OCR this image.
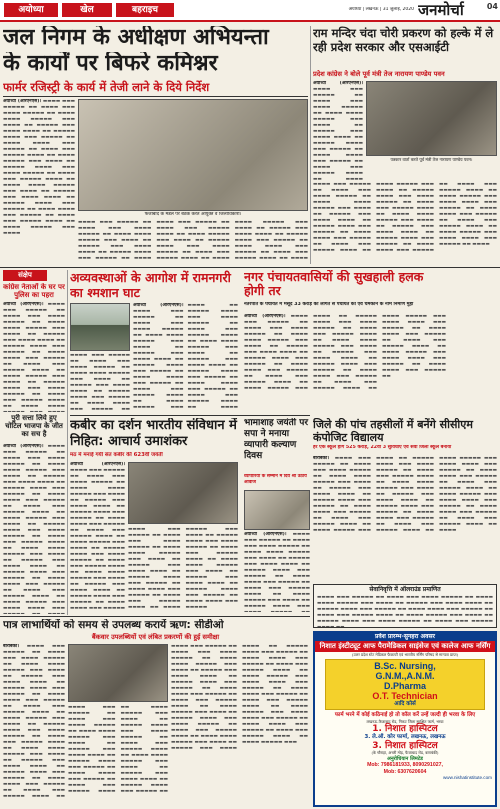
अयोध्या	खेल	बहराइच	अयोध्या | लखनऊ | 31 जुलाई, 2020 जनमोर्चा	04
जल निगम के अधीक्षण अभियन्ता
के कार्यों पर बिफरे कमिश्नर
फार्मर रजिस्ट्री के कार्य में तेजी लाने के दिये निर्देश
अयोध्या (आरएनएस)। ▬▬▬▬ ▬▬▬ ▬▬▬▬▬ ▬▬ ▬▬▬▬ ▬▬▬ ▬▬▬▬ ▬▬▬▬▬ ▬▬ ▬▬▬▬ ▬▬▬▬ ▬▬▬▬▬ ▬▬▬ ▬▬▬▬ ▬▬ ▬▬▬▬▬ ▬▬▬ ▬▬▬▬ ▬▬▬▬ ▬▬ ▬▬▬▬▬ ▬▬▬▬ ▬▬▬ ▬▬▬▬▬ ▬▬ ▬▬▬▬ ▬▬▬▬ ▬▬▬ ▬▬▬▬▬ ▬▬ ▬▬▬▬ ▬▬▬ ▬▬▬▬▬ ▬▬▬▬ ▬▬ ▬▬▬▬ ▬▬▬▬▬ ▬▬▬ ▬▬▬▬ ▬▬ ▬▬▬▬▬ ▬▬▬▬ ▬▬▬ ▬▬▬▬ ▬▬▬▬▬ ▬▬ ▬▬▬▬ ▬▬▬ ▬▬▬▬▬ ▬▬▬▬ ▬▬ ▬▬▬▬ ▬▬▬▬ ▬▬▬▬▬ ▬▬▬ ▬▬▬▬ ▬▬ ▬▬▬▬▬ ▬▬▬ ▬▬▬▬ ▬▬▬▬ ▬▬ ▬▬▬▬▬ ▬▬▬▬ ▬▬▬ ▬▬▬▬▬ ▬▬ ▬▬▬▬ ▬▬▬▬ ▬▬▬ ▬▬▬▬▬ ▬▬ ▬▬▬▬ ▬▬▬ ▬▬▬▬▬ ▬▬▬▬ ▬▬ ▬▬▬▬ ▬▬▬▬▬ ▬▬▬ ▬▬▬▬
फैजाबाद के मंडल पर बैठक करते आयुक्त व जिलाधिकारी।
▬▬▬▬ ▬▬▬ ▬▬▬▬▬ ▬▬ ▬▬▬▬ ▬▬▬ ▬▬▬▬ ▬▬▬▬▬ ▬▬ ▬▬▬▬ ▬▬▬▬ ▬▬▬▬▬ ▬▬▬ ▬▬▬▬ ▬▬ ▬▬▬▬▬ ▬▬▬ ▬▬▬▬ ▬▬▬▬ ▬▬ ▬▬▬▬▬ ▬▬▬▬ ▬▬▬ ▬▬▬▬▬ ▬▬ ▬▬▬▬ ▬▬▬▬ ▬▬▬ ▬▬▬▬▬ ▬▬ ▬▬▬▬ ▬▬▬ ▬▬▬▬▬ ▬▬▬▬ ▬▬ ▬▬▬▬ ▬▬▬▬▬ ▬▬▬ ▬▬▬▬ ▬▬ ▬▬▬▬▬ ▬▬▬▬ ▬▬▬ ▬▬▬▬ ▬▬▬▬▬ ▬▬ ▬▬▬▬ ▬▬▬ ▬▬▬▬▬ ▬▬▬▬ ▬▬ ▬▬▬▬ ▬▬▬▬ ▬▬▬▬▬ ▬▬▬ ▬▬▬▬ ▬▬ ▬▬▬▬▬ ▬▬▬ ▬▬▬▬ ▬▬▬▬ ▬▬ ▬▬▬▬▬ ▬▬▬▬ ▬▬▬ ▬▬▬▬▬ ▬▬ ▬▬▬▬ ▬▬▬▬ ▬▬▬ ▬▬▬▬▬ ▬▬ ▬▬▬▬ ▬▬▬ ▬▬▬▬▬ ▬▬▬▬ ▬▬ ▬▬▬▬
राम मन्दिर चंदा चोरी प्रकरण को हल्के में ले रही प्रदेश सरकार और एसआईटी
प्रदेश कांग्रेस ने बोले पूर्व मंत्री तेज नारायण पाण्डेय पवन
अयोध्या (आरएनएस)। ▬▬▬▬ ▬▬▬ ▬▬▬▬▬ ▬▬ ▬▬▬▬ ▬▬▬ ▬▬▬▬ ▬▬▬▬▬ ▬▬ ▬▬▬▬ ▬▬▬▬ ▬▬▬▬▬ ▬▬▬ ▬▬▬▬ ▬▬ ▬▬▬▬▬ ▬▬▬ ▬▬▬▬ ▬▬▬▬ ▬▬ ▬▬▬▬▬ ▬▬▬▬ ▬▬▬ ▬▬▬▬▬ ▬▬ ▬▬▬▬ ▬▬▬▬ ▬▬▬ ▬▬▬▬▬ ▬▬ ▬▬▬▬ ▬▬▬ ▬▬▬▬▬ ▬▬▬▬ ▬▬ ▬▬▬▬
पत्रकार वार्ता करते पूर्व मंत्री तेज नारायण पाण्डेय पवन।
▬▬▬▬ ▬▬▬ ▬▬▬▬▬ ▬▬ ▬▬▬▬ ▬▬▬ ▬▬▬▬ ▬▬▬▬▬ ▬▬ ▬▬▬▬ ▬▬▬▬ ▬▬▬▬▬ ▬▬▬ ▬▬▬▬ ▬▬ ▬▬▬▬▬ ▬▬▬ ▬▬▬▬ ▬▬▬▬ ▬▬ ▬▬▬▬▬ ▬▬▬▬ ▬▬▬ ▬▬▬▬▬ ▬▬ ▬▬▬▬ ▬▬▬▬ ▬▬▬ ▬▬▬▬▬ ▬▬ ▬▬▬▬ ▬▬▬ ▬▬▬▬▬ ▬▬▬▬ ▬▬ ▬▬▬▬ ▬▬▬▬▬ ▬▬▬ ▬▬▬▬ ▬▬ ▬▬▬▬▬ ▬▬▬▬ ▬▬▬ ▬▬▬▬ ▬▬▬▬▬ ▬▬ ▬▬▬▬ ▬▬▬ ▬▬▬▬▬ ▬▬▬▬ ▬▬ ▬▬▬▬ ▬▬▬▬ ▬▬▬▬▬ ▬▬▬ ▬▬▬▬ ▬▬ ▬▬▬▬▬ ▬▬▬ ▬▬▬▬ ▬▬▬▬ ▬▬ ▬▬▬▬▬ ▬▬▬▬ ▬▬▬ ▬▬▬▬▬ ▬▬ ▬▬▬▬ ▬▬▬▬ ▬▬▬ ▬▬▬▬▬ ▬▬ ▬▬▬▬ ▬▬▬ ▬▬▬▬▬ ▬▬▬▬ ▬▬ ▬▬▬▬ ▬▬▬▬▬ ▬▬▬ ▬▬▬▬ ▬▬▬▬ ▬▬▬ ▬▬▬▬▬ ▬▬ ▬▬▬▬ ▬▬▬▬ ▬▬▬ ▬▬▬▬▬ ▬▬ ▬▬▬▬ ▬▬▬ ▬▬▬▬▬ ▬▬▬▬ ▬▬ ▬▬▬▬ ▬▬▬▬▬ ▬▬▬ ▬▬▬▬ ▬▬▬▬ ▬▬▬ ▬▬▬▬▬ ▬▬ ▬▬▬▬
संक्षेप
कांग्रेस नेताओं के घर पर पुलिस का पहरा
अयोध्या (आरएनएस)। ▬▬▬▬ ▬▬▬ ▬▬▬▬▬ ▬▬ ▬▬▬▬ ▬▬▬ ▬▬▬▬ ▬▬▬▬▬ ▬▬ ▬▬▬▬ ▬▬▬▬ ▬▬▬▬▬ ▬▬▬ ▬▬▬▬ ▬▬ ▬▬▬▬▬ ▬▬▬ ▬▬▬▬ ▬▬▬▬ ▬▬ ▬▬▬▬▬ ▬▬▬▬ ▬▬▬ ▬▬▬▬▬ ▬▬ ▬▬▬▬ ▬▬▬▬ ▬▬▬ ▬▬▬▬▬ ▬▬ ▬▬▬▬ ▬▬▬ ▬▬▬▬▬ ▬▬▬▬ ▬▬ ▬▬▬▬ ▬▬▬▬▬ ▬▬▬ ▬▬▬▬ ▬▬ ▬▬▬▬▬ ▬▬▬▬ ▬▬▬ ▬▬▬▬ ▬▬▬▬▬ ▬▬ ▬▬▬▬ ▬▬▬ ▬▬▬▬▬ ▬▬▬▬ ▬▬ ▬▬▬▬ ▬▬▬▬
पुरी सत्ता लिये हुए चोटिल भाजपा के जीत का सच है
अयोध्या (आरएनएस)। ▬▬▬▬ ▬▬▬ ▬▬▬▬▬ ▬▬ ▬▬▬▬ ▬▬▬ ▬▬▬▬ ▬▬▬▬▬ ▬▬ ▬▬▬▬ ▬▬▬▬ ▬▬▬▬▬ ▬▬▬ ▬▬▬▬ ▬▬ ▬▬▬▬▬ ▬▬▬ ▬▬▬▬ ▬▬▬▬ ▬▬ ▬▬▬▬▬ ▬▬▬▬ ▬▬▬ ▬▬▬▬▬ ▬▬ ▬▬▬▬ ▬▬▬▬ ▬▬▬ ▬▬▬▬▬ ▬▬ ▬▬▬▬ ▬▬▬ ▬▬▬▬▬ ▬▬▬▬ ▬▬ ▬▬▬▬ ▬▬▬▬▬ ▬▬▬ ▬▬▬▬ ▬▬ ▬▬▬▬▬ ▬▬▬▬ ▬▬▬ ▬▬▬▬ ▬▬▬▬▬ ▬▬ ▬▬▬▬ ▬▬▬ ▬▬▬▬▬ ▬▬▬▬ ▬▬ ▬▬▬▬ ▬▬▬▬ ▬▬▬▬▬ ▬▬▬ ▬▬▬▬ ▬▬ ▬▬▬▬▬ ▬▬▬ ▬▬▬▬ ▬▬▬▬ ▬▬ ▬▬▬▬▬ ▬▬▬▬ ▬▬▬ ▬▬▬▬▬ ▬▬ ▬▬▬▬ ▬▬▬▬ ▬▬▬ ▬▬▬▬▬ ▬▬ ▬▬▬▬ ▬▬▬ ▬▬▬▬▬ ▬▬▬▬ ▬▬ ▬▬▬▬ ▬▬▬▬▬ ▬▬▬ ▬▬▬▬ ▬▬▬▬ ▬▬▬
अव्यवस्थाओं के आगोश में रामनगरी का श्मशान घाट
अयोध्या (आरएनएस)। ▬▬▬▬ ▬▬▬ ▬▬▬▬▬ ▬▬ ▬▬▬▬ ▬▬▬ ▬▬▬▬ ▬▬▬▬▬ ▬▬ ▬▬▬▬ ▬▬▬▬ ▬▬▬▬▬ ▬▬▬ ▬▬▬▬ ▬▬ ▬▬▬▬▬ ▬▬▬ ▬▬▬▬ ▬▬▬▬ ▬▬ ▬▬▬▬▬ ▬▬▬▬ ▬▬▬ ▬▬▬▬▬ ▬▬ ▬▬▬▬ ▬▬▬▬ ▬▬▬ ▬▬▬▬▬ ▬▬ ▬▬▬▬ ▬▬▬ ▬▬▬▬▬ ▬▬▬▬ ▬▬ ▬▬▬▬ ▬▬▬▬▬ ▬▬▬ ▬▬▬▬ ▬▬ ▬▬▬▬▬ ▬▬▬▬ ▬▬▬ ▬▬▬▬ ▬▬▬▬▬ ▬▬ ▬▬▬▬ ▬▬▬ ▬▬▬▬▬ ▬▬▬▬ ▬▬ ▬▬▬▬ ▬▬▬▬ ▬▬▬▬▬ ▬▬▬ ▬▬▬▬ ▬▬ ▬▬▬▬▬ ▬▬▬ ▬▬▬▬ ▬▬▬▬ ▬▬ ▬▬▬▬▬ ▬▬▬▬ ▬▬▬ ▬▬▬▬▬ ▬▬ ▬▬▬▬ ▬▬▬▬ ▬▬▬ ▬▬▬▬▬ ▬▬ ▬▬▬▬ ▬▬▬ ▬▬▬▬▬ ▬▬▬▬ ▬▬ ▬▬▬▬
▬▬▬▬ ▬▬▬ ▬▬▬▬▬ ▬▬ ▬▬▬▬ ▬▬▬ ▬▬▬▬ ▬▬▬▬▬ ▬▬ ▬▬▬▬ ▬▬▬▬ ▬▬▬▬▬ ▬▬▬ ▬▬▬▬ ▬▬ ▬▬▬▬▬ ▬▬▬ ▬▬▬▬ ▬▬▬▬ ▬▬ ▬▬▬▬▬ ▬▬▬▬ ▬▬▬ ▬▬▬▬▬ ▬▬ ▬▬▬▬ ▬▬▬▬ ▬▬▬ ▬▬▬▬▬ ▬▬
नगर पंचायतवासियों की सुखहाली हलक होगी तर
नेतरपोत के पंचायत में मसूद 33 करोड़ की लागत से पंचायत को एवं चमकाने के नाम निमाण मुहा
अयोध्या (आरएनएस)। ▬▬▬▬ ▬▬▬ ▬▬▬▬▬ ▬▬ ▬▬▬▬ ▬▬▬ ▬▬▬▬ ▬▬▬▬▬ ▬▬ ▬▬▬▬ ▬▬▬▬ ▬▬▬▬▬ ▬▬▬ ▬▬▬▬ ▬▬ ▬▬▬▬▬ ▬▬▬ ▬▬▬▬ ▬▬▬▬ ▬▬ ▬▬▬▬▬ ▬▬▬▬ ▬▬▬ ▬▬▬▬▬ ▬▬ ▬▬▬▬ ▬▬▬▬ ▬▬▬ ▬▬▬▬▬ ▬▬ ▬▬▬▬ ▬▬▬ ▬▬▬▬▬ ▬▬▬▬ ▬▬ ▬▬▬▬ ▬▬▬▬▬ ▬▬▬ ▬▬▬▬ ▬▬ ▬▬▬▬▬ ▬▬▬▬ ▬▬▬ ▬▬▬▬ ▬▬▬▬▬ ▬▬ ▬▬▬▬ ▬▬▬ ▬▬▬▬▬ ▬▬▬▬ ▬▬ ▬▬▬▬ ▬▬▬▬ ▬▬▬▬▬ ▬▬▬ ▬▬▬▬ ▬▬ ▬▬▬▬▬ ▬▬▬ ▬▬▬▬ ▬▬▬▬ ▬▬ ▬▬▬▬▬ ▬▬▬▬ ▬▬▬ ▬▬▬▬▬ ▬▬ ▬▬▬▬ ▬▬▬▬ ▬▬▬ ▬▬▬▬▬ ▬▬ ▬▬▬▬ ▬▬▬ ▬▬▬▬▬ ▬▬▬▬ ▬▬ ▬▬▬▬ ▬▬▬▬▬ ▬▬▬ ▬▬▬▬ ▬▬▬▬ ▬▬▬ ▬▬▬▬▬ ▬▬ ▬▬▬▬ ▬▬▬▬ ▬▬▬ ▬▬▬▬▬ ▬▬ ▬▬▬▬ ▬▬▬ ▬▬▬▬▬ ▬▬▬▬ ▬▬ ▬▬▬▬ ▬▬▬▬▬ ▬▬▬ ▬▬▬▬ ▬▬▬▬ ▬▬▬ ▬▬▬▬▬ ▬▬ ▬▬▬▬ ▬▬▬▬ ▬▬▬ ▬▬▬▬▬ ▬▬
जिले की पांच तहसीलों में बनेंगे सीसीएम कंपोजिट विद्यालय
हर एक स्कूल होंगे 525 करोड़, 22वीं 3 सुविधाएं एवं सेवा जिला स्कूल बनाया
बाराबंकी। ▬▬▬▬ ▬▬▬ ▬▬▬▬▬ ▬▬ ▬▬▬▬ ▬▬▬ ▬▬▬▬ ▬▬▬▬▬ ▬▬ ▬▬▬▬ ▬▬▬▬ ▬▬▬▬▬ ▬▬▬ ▬▬▬▬ ▬▬ ▬▬▬▬▬ ▬▬▬ ▬▬▬▬ ▬▬▬▬ ▬▬ ▬▬▬▬▬ ▬▬▬▬ ▬▬▬ ▬▬▬▬▬ ▬▬ ▬▬▬▬ ▬▬▬▬ ▬▬▬ ▬▬▬▬▬ ▬▬ ▬▬▬▬ ▬▬▬ ▬▬▬▬▬ ▬▬▬▬ ▬▬ ▬▬▬▬ ▬▬▬▬▬ ▬▬▬ ▬▬▬▬ ▬▬ ▬▬▬▬▬ ▬▬▬▬ ▬▬▬ ▬▬▬▬ ▬▬▬▬▬ ▬▬ ▬▬▬▬ ▬▬▬ ▬▬▬▬▬ ▬▬▬▬ ▬▬ ▬▬▬▬ ▬▬▬▬ ▬▬▬▬▬ ▬▬▬ ▬▬▬▬ ▬▬ ▬▬▬▬▬ ▬▬▬ ▬▬▬▬ ▬▬▬▬ ▬▬ ▬▬▬▬▬ ▬▬▬▬ ▬▬▬ ▬▬▬▬▬ ▬▬ ▬▬▬▬ ▬▬▬▬ ▬▬▬ ▬▬▬▬▬ ▬▬ ▬▬▬▬ ▬▬▬ ▬▬▬▬▬ ▬▬▬▬ ▬▬ ▬▬▬▬ ▬▬▬▬▬ ▬▬▬ ▬▬▬▬ ▬▬▬▬ ▬▬▬ ▬▬▬▬▬ ▬▬ ▬▬▬▬ ▬▬▬▬ ▬▬▬ ▬▬▬▬▬ ▬▬ ▬▬▬▬ ▬▬▬ ▬▬▬▬▬ ▬▬▬▬ ▬▬ ▬▬▬▬ ▬▬▬▬▬ ▬▬▬ ▬▬▬▬ ▬▬▬▬ ▬▬▬ ▬▬▬▬▬ ▬▬ ▬▬▬▬ ▬▬▬▬ ▬▬▬ ▬▬▬▬▬ ▬▬ ▬▬▬▬ ▬▬▬ ▬▬▬▬▬ ▬▬▬▬ ▬▬ ▬▬▬▬
सेवानिवृत्ति में ऑलराउंड प्रमाणित
▬▬▬▬ ▬▬▬ ▬▬▬▬▬ ▬▬ ▬▬▬▬ ▬▬▬ ▬▬▬▬ ▬▬▬▬▬ ▬▬ ▬▬▬▬ ▬▬▬▬ ▬▬▬▬▬ ▬▬▬ ▬▬▬▬ ▬▬ ▬▬▬▬▬ ▬▬▬ ▬▬▬▬ ▬▬▬▬ ▬▬ ▬▬▬▬▬ ▬▬▬▬ ▬▬▬ ▬▬▬▬▬ ▬▬ ▬▬▬▬ ▬▬▬▬ ▬▬▬ ▬▬▬▬▬ ▬▬ ▬▬▬▬ ▬▬▬ ▬▬▬▬▬ ▬▬▬▬ ▬▬ ▬▬▬▬ ▬▬▬▬▬ ▬▬▬ ▬▬▬▬ ▬▬ ▬▬▬▬▬ ▬▬▬▬ ▬▬▬ ▬▬▬▬ ▬▬▬▬▬ ▬▬ ▬▬▬▬ ▬▬▬ ▬▬▬▬▬ ▬▬▬▬ ▬▬
कबीर का दर्शन भारतीय संविधान में निहित: आचार्य उमाशंकर
मठ में मनाई गयी संत कबीर की 623वीं जयंती
अयोध्या (आरएनएस)। ▬▬▬▬ ▬▬▬ ▬▬▬▬▬ ▬▬ ▬▬▬▬ ▬▬▬ ▬▬▬▬ ▬▬▬▬▬ ▬▬ ▬▬▬▬ ▬▬▬▬ ▬▬▬▬▬ ▬▬▬ ▬▬▬▬ ▬▬ ▬▬▬▬▬ ▬▬▬ ▬▬▬▬ ▬▬▬▬ ▬▬ ▬▬▬▬▬ ▬▬▬▬ ▬▬▬ ▬▬▬▬▬ ▬▬ ▬▬▬▬ ▬▬▬▬ ▬▬▬ ▬▬▬▬▬ ▬▬ ▬▬▬▬ ▬▬▬ ▬▬▬▬▬ ▬▬▬▬ ▬▬ ▬▬▬▬ ▬▬▬▬▬ ▬▬▬ ▬▬▬▬ ▬▬ ▬▬▬▬▬ ▬▬▬▬ ▬▬▬ ▬▬▬▬ ▬▬▬▬▬ ▬▬ ▬▬▬▬ ▬▬▬ ▬▬▬▬▬ ▬▬▬▬ ▬▬ ▬▬▬▬ ▬▬▬▬ ▬▬▬▬▬ ▬▬▬ ▬▬▬▬ ▬▬ ▬▬▬▬▬ ▬▬▬ ▬▬▬▬ ▬▬▬▬ ▬▬ ▬▬▬▬▬ ▬▬▬▬ ▬▬▬ ▬▬▬▬▬ ▬▬ ▬▬▬▬ ▬▬▬▬ ▬▬▬ ▬▬▬▬▬
▬▬▬▬ ▬▬▬ ▬▬▬▬▬ ▬▬ ▬▬▬▬ ▬▬▬ ▬▬▬▬ ▬▬▬▬▬ ▬▬ ▬▬▬▬ ▬▬▬▬ ▬▬▬▬▬ ▬▬▬ ▬▬▬▬ ▬▬ ▬▬▬▬▬ ▬▬▬ ▬▬▬▬ ▬▬▬▬ ▬▬ ▬▬▬▬▬ ▬▬▬▬ ▬▬▬ ▬▬▬▬▬ ▬▬ ▬▬▬▬ ▬▬▬▬ ▬▬▬ ▬▬▬▬▬ ▬▬ ▬▬▬▬ ▬▬▬ ▬▬▬▬▬ ▬▬▬▬ ▬▬ ▬▬▬▬ ▬▬▬▬▬ ▬▬▬ ▬▬▬▬ ▬▬ ▬▬▬▬▬ ▬▬▬▬ ▬▬▬ ▬▬▬▬ ▬▬▬▬▬ ▬▬ ▬▬▬▬ ▬▬▬ ▬▬▬▬▬ ▬▬▬▬ ▬▬ ▬▬▬▬ ▬▬▬▬ ▬▬▬▬▬ ▬▬▬ ▬▬▬▬ ▬▬ ▬▬▬▬▬ ▬▬▬ ▬▬▬▬ ▬▬▬▬ ▬▬ ▬▬▬▬▬ ▬▬▬▬ ▬▬▬ ▬▬▬▬▬ ▬▬ ▬▬▬▬ ▬▬▬▬ ▬▬▬ ▬▬▬▬▬
भामाशाह जयंती पर सपा ने मनाया व्यापारी कल्याण दिवस
व्यापारियों के सम्मान में दिये श्री उठाये आवाज
अयोध्या (आरएनएस)। ▬▬▬▬ ▬▬▬ ▬▬▬▬▬ ▬▬ ▬▬▬▬ ▬▬▬ ▬▬▬▬ ▬▬▬▬▬ ▬▬ ▬▬▬▬ ▬▬▬▬ ▬▬▬▬▬ ▬▬▬ ▬▬▬▬ ▬▬ ▬▬▬▬▬ ▬▬▬ ▬▬▬▬ ▬▬▬▬ ▬▬ ▬▬▬▬▬ ▬▬▬▬ ▬▬▬ ▬▬▬▬▬ ▬▬ ▬▬▬▬ ▬▬▬▬ ▬▬▬ ▬▬▬▬▬ ▬▬ ▬▬▬▬ ▬▬▬ ▬▬▬▬▬ ▬▬▬▬ ▬▬ ▬▬▬▬ ▬▬▬▬▬ ▬▬▬ ▬▬▬▬ ▬▬ ▬▬▬▬▬ ▬▬▬▬ ▬▬▬
पात्र लाभार्थियों को समय से उपलब्ध करायें ऋण: सीडीओ
बैंकवार उपलब्धियों एवं लंबित प्रकरणों की हुई समीक्षा
बाराबंकी। ▬▬▬▬ ▬▬▬ ▬▬▬▬▬ ▬▬ ▬▬▬▬ ▬▬▬ ▬▬▬▬ ▬▬▬▬▬ ▬▬ ▬▬▬▬ ▬▬▬▬ ▬▬▬▬▬ ▬▬▬ ▬▬▬▬ ▬▬ ▬▬▬▬▬ ▬▬▬ ▬▬▬▬ ▬▬▬▬ ▬▬ ▬▬▬▬▬ ▬▬▬▬ ▬▬▬ ▬▬▬▬▬ ▬▬ ▬▬▬▬ ▬▬▬▬ ▬▬▬ ▬▬▬▬▬ ▬▬ ▬▬▬▬ ▬▬▬ ▬▬▬▬▬ ▬▬▬▬ ▬▬ ▬▬▬▬ ▬▬▬▬▬ ▬▬▬ ▬▬▬▬ ▬▬ ▬▬▬▬▬ ▬▬▬▬ ▬▬▬ ▬▬▬▬ ▬▬▬▬▬ ▬▬ ▬▬▬▬ ▬▬▬ ▬▬▬▬▬ ▬▬▬▬ ▬▬ ▬▬▬▬ ▬▬▬▬ ▬▬▬▬▬ ▬▬▬ ▬▬▬▬ ▬▬ ▬▬▬▬▬ ▬▬▬ ▬▬▬▬ ▬▬▬▬ ▬▬ ▬▬▬▬▬ ▬▬▬▬ ▬▬▬ ▬▬▬▬▬ ▬▬ ▬▬▬▬ ▬▬▬▬ ▬▬▬ ▬▬▬▬▬ ▬▬ ▬▬▬▬ ▬▬▬ ▬▬▬▬▬ ▬▬▬▬ ▬▬
▬▬▬▬ ▬▬▬ ▬▬▬▬▬ ▬▬ ▬▬▬▬ ▬▬▬ ▬▬▬▬ ▬▬▬▬▬ ▬▬ ▬▬▬▬ ▬▬▬▬ ▬▬▬▬▬ ▬▬▬ ▬▬▬▬ ▬▬ ▬▬▬▬▬ ▬▬▬ ▬▬▬▬ ▬▬▬▬ ▬▬ ▬▬▬▬▬ ▬▬▬▬ ▬▬▬ ▬▬▬▬▬ ▬▬ ▬▬▬▬ ▬▬▬▬ ▬▬▬ ▬▬▬▬▬ ▬▬ ▬▬▬▬ ▬▬▬ ▬▬▬▬▬ ▬▬▬▬ ▬▬ ▬▬▬▬ ▬▬▬▬▬ ▬▬▬ ▬▬▬▬ ▬▬ ▬▬▬▬▬ ▬▬▬▬ ▬▬▬ ▬▬▬▬ ▬▬▬▬▬ ▬▬ ▬▬▬▬ ▬▬▬ ▬▬▬▬▬ ▬▬▬▬ ▬▬ ▬▬▬▬ ▬▬▬▬ ▬▬▬▬▬ ▬▬▬ ▬▬▬▬ ▬▬ ▬▬▬▬▬ ▬▬▬ ▬▬▬▬ ▬▬▬▬ ▬▬ ▬▬▬▬▬ ▬▬▬▬ ▬▬▬ ▬▬▬▬▬ ▬▬
▬▬▬▬ ▬▬▬ ▬▬▬▬▬ ▬▬ ▬▬▬▬ ▬▬▬ ▬▬▬▬ ▬▬▬▬▬ ▬▬ ▬▬▬▬ ▬▬▬▬ ▬▬▬▬▬ ▬▬▬ ▬▬▬▬ ▬▬ ▬▬▬▬▬ ▬▬▬ ▬▬▬▬ ▬▬▬▬ ▬▬ ▬▬▬▬▬ ▬▬▬▬ ▬▬▬ ▬▬▬▬▬ ▬▬ ▬▬▬▬ ▬▬▬▬ ▬▬▬ ▬▬▬▬▬ ▬▬ ▬▬▬▬ ▬▬▬ ▬▬▬▬▬ ▬▬▬▬ ▬▬ ▬▬▬▬ ▬▬▬▬▬ ▬▬▬ ▬▬▬▬ ▬▬ ▬▬▬▬▬ ▬▬▬▬ ▬▬▬ ▬▬▬▬ ▬▬▬▬▬ ▬▬ ▬▬▬▬ ▬▬▬ ▬▬▬▬▬ ▬▬▬▬ ▬▬ ▬▬▬▬ ▬▬▬▬ ▬▬▬▬▬ ▬▬▬ ▬▬▬▬ ▬▬ ▬▬▬▬▬ ▬▬▬ ▬▬▬▬ ▬▬▬▬ ▬▬ ▬▬▬▬▬ ▬▬▬▬ ▬▬▬ ▬▬▬▬▬ ▬▬ ▬▬▬▬ ▬▬▬▬ ▬▬▬ ▬▬▬▬▬ ▬▬ ▬▬▬▬ ▬▬▬ ▬▬▬▬▬ ▬▬▬▬ ▬▬ ▬▬▬▬ ▬▬▬▬▬ ▬▬▬ ▬▬▬▬ ▬▬▬▬ ▬▬▬ ▬▬▬▬▬ ▬▬ ▬▬▬▬ ▬▬▬▬ ▬▬▬ ▬▬▬▬▬ ▬▬ ▬▬▬▬ ▬▬▬ ▬▬▬▬▬ ▬▬▬▬ ▬▬ ▬▬▬▬ ▬▬▬▬▬ ▬▬▬ ▬▬▬▬ ▬▬▬▬ ▬▬▬ ▬▬▬▬▬ ▬▬ ▬▬▬▬ ▬▬▬▬ ▬▬▬ ▬▬▬▬▬ ▬▬ ▬▬▬▬ ▬▬▬ ▬▬▬▬▬ ▬▬▬▬ ▬▬ ▬▬▬▬ ▬▬▬▬▬ ▬▬▬
प्रवेश प्रारम्भ-सुनहरा अवसर
निशात इंस्टीट्यूट आफ पैरामेडिकल साइंसेज एवं कालेज आफ नर्सिंग
(उत्तर प्रदेश स्टेट मेडिकल फैकल्टी एवं भारतीय नर्सिंग परिषद से मान्यता प्राप्त)
B.Sc. Nursing,
G.N.M.,A.N.M.
D.Pharma
O.T. Technician
आदि कोर्स
फार्म भरने में कोई कठिनाई हो तो कॉल करें उन्हें जल्दी ही भरवा के लिए
लखनऊ-फैजाबाद रोड, निकट जिला सुरक्षित फार्म, भरवा
1. निशात हास्पिटल
3. ले.ऑ. कोर फार्मा, लखनऊ, लखनऊ
3. निशात हास्पिटल
(के चौराहा, अचरी मोड़, फैजाबाद रोड, बाराबंकी)
अनुरोधियान लिमटेड
Mob: 7986181933, 8090291027,
Mob: 6307620604
www.nishatinstitute.com
